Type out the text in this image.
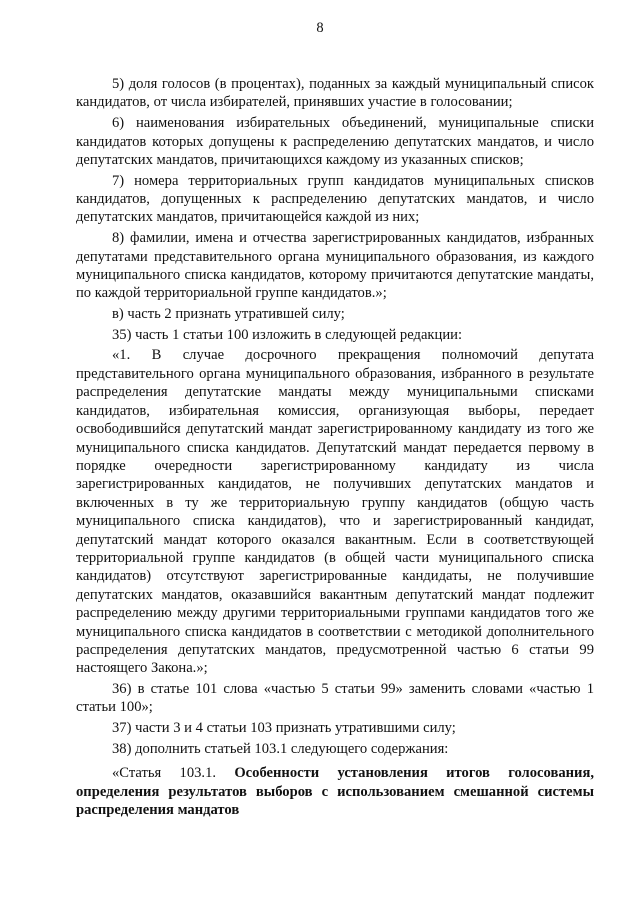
8

5) доля голосов (в процентах), поданных за каждый муниципальный список кандидатов, от числа избирателей, принявших участие в голосовании;

6) наименования избирательных объединений, муниципальные списки кандидатов которых допущены к распределению депутатских мандатов, и число депутатских мандатов, причитающихся каждому из указанных списков;

7) номера территориальных групп кандидатов муниципальных списков кандидатов, допущенных к распределению депутатских мандатов, и число депутатских мандатов, причитающейся каждой из них;

8) фамилии, имена и отчества зарегистрированных кандидатов, избранных депутатами представительного органа муниципального образования, из каждого муниципального списка кандидатов, которому причитаются депутатские мандаты, по каждой территориальной группе кандидатов.»;

в) часть 2 признать утратившей силу;

35) часть 1 статьи 100 изложить в следующей редакции:

«1. В случае досрочного прекращения полномочий депутата представительного органа муниципального образования, избранного в результате распределения депутатские мандаты между муниципальными списками кандидатов, избирательная комиссия, организующая выборы, передает освободившийся депутатский мандат зарегистрированному кандидату из того же муниципального списка кандидатов. Депутатский мандат передается первому в порядке очередности зарегистрированному кандидату из числа зарегистрированных кандидатов, не получивших депутатских мандатов и включенных в ту же территориальную группу кандидатов (общую часть муниципального списка кандидатов), что и зарегистрированный кандидат, депутатский мандат которого оказался вакантным. Если в соответствующей территориальной группе кандидатов (в общей части муниципального списка кандидатов) отсутствуют зарегистрированные кандидаты, не получившие депутатских мандатов, оказавшийся вакантным депутатский мандат подлежит распределению между другими территориальными группами кандидатов того же муниципального списка кандидатов в соответствии с методикой дополнительного распределения депутатских мандатов, предусмотренной частью 6 статьи 99 настоящего Закона.»;

36) в статье 101 слова «частью 5 статьи 99» заменить словами «частью 1 статьи 100»;

37) части 3 и 4 статьи 103 признать утратившими силу;

38) дополнить статьей 103.1 следующего содержания:

«Статья 103.1. Особенности установления итогов голосования, определения результатов выборов с использованием смешанной системы распределения мандатов
